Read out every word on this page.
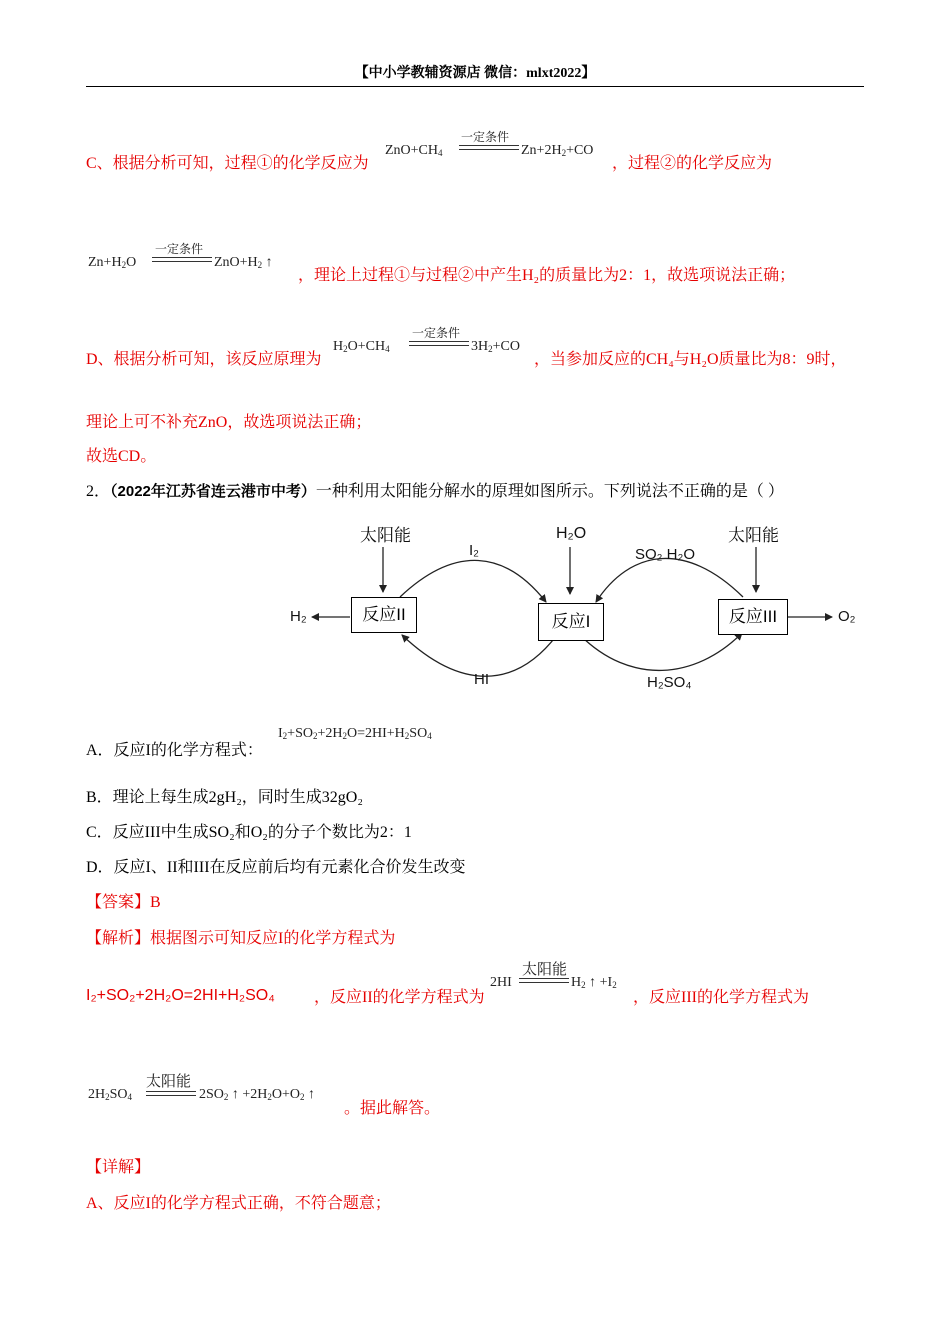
【中小学教辅资源店 微信：mlxt2022】
C、根据分析可知，过程①的化学反应为
$ZnO+CH_4$
一定条件
$Zn+2H_2+CO$
，过程②的化学反应为
$Zn+H_2O$
一定条件
$ZnO+H_2$ ↑
，理论上过程①与过程②中产生H₂的质量比为2：1，故选项说法正确；
D、根据分析可知，该反应原理为
$H_2O+CH_4$
一定条件
$3H_2+CO$
，当参加反应的CH₄与H₂O质量比为8：9时，
理论上可不补充ZnO，故选项说法正确；
故选CD。
2．（2022年江苏省连云港市中考）一种利用太阳能分解水的原理如图所示。下列说法不正确的是（ ）
太阳能	H₂O	太阳能
I₂	SO₂ H₂O
H₂	O₂
HI	H₂SO₄
反应II	反应I	反应III
A．反应I的化学方程式：
$I_2+SO_2+2H_2O=2HI+H_2SO_4$
B．理论上每生成2gH₂，同时生成32gO₂
C．反应III中生成SO₂和O₂的分子个数比为2：1
D．反应I、II和III在反应前后均有元素化合价发生改变
【答案】B
【解析】根据图示可知反应I的化学方程式为
I₂+SO₂+2H₂O=2HI+H₂SO₄ ，反应II的化学方程式为
2HI
太阳能
$H_2$ ↑ $+I_2$
，反应III的化学方程式为
$2H_2SO_4$
太阳能
$2SO_2$ ↑ $+2H_2O+O_2$ ↑
。据此解答。
【详解】
A、反应I的化学方程式正确，不符合题意；
